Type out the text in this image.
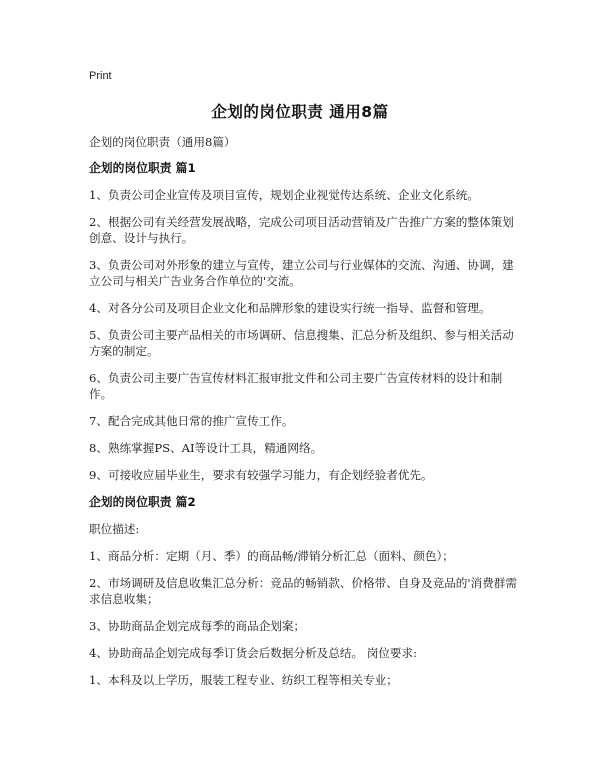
Print
企划的岗位职责 通用8篇

企划的岗位职责（通用8篇）

企划的岗位职责 篇1

1、负责公司企业宣传及项目宣传，规划企业视觉传达系统、企业文化系统。

2、根据公司有关经营发展战略，完成公司项目活动营销及广告推广方案的整体策划创意、设计与执行。

3、负责公司对外形象的建立与宣传，建立公司与行业媒体的交流、沟通、协调，建立公司与相关广告业务合作单位的'交流。

4、对各分公司及项目企业文化和品牌形象的建设实行统一指导、监督和管理。

5、负责公司主要产品相关的市场调研、信息搜集、汇总分析及组织、参与相关活动方案的制定。

6、负责公司主要广告宣传材料汇报审批文件和公司主要广告宣传材料的设计和制作。

7、配合完成其他日常的推广宣传工作。

8、熟练掌握PS、AI等设计工具，精通网络。

9、可接收应届毕业生，要求有较强学习能力，有企划经验者优先。

企划的岗位职责 篇2

职位描述:

1、商品分析：定期（月、季）的商品畅/滞销分析汇总（面料、颜色）；

2、市场调研及信息收集汇总分析：竞品的畅销款、价格带、自身及竞品的'消费群需求信息收集；

3、协助商品企划完成每季的商品企划案；

4、协助商品企划完成每季订货会后数据分析及总结。 岗位要求:

1、本科及以上学历，服装工程专业、纺织工程等相关专业；
